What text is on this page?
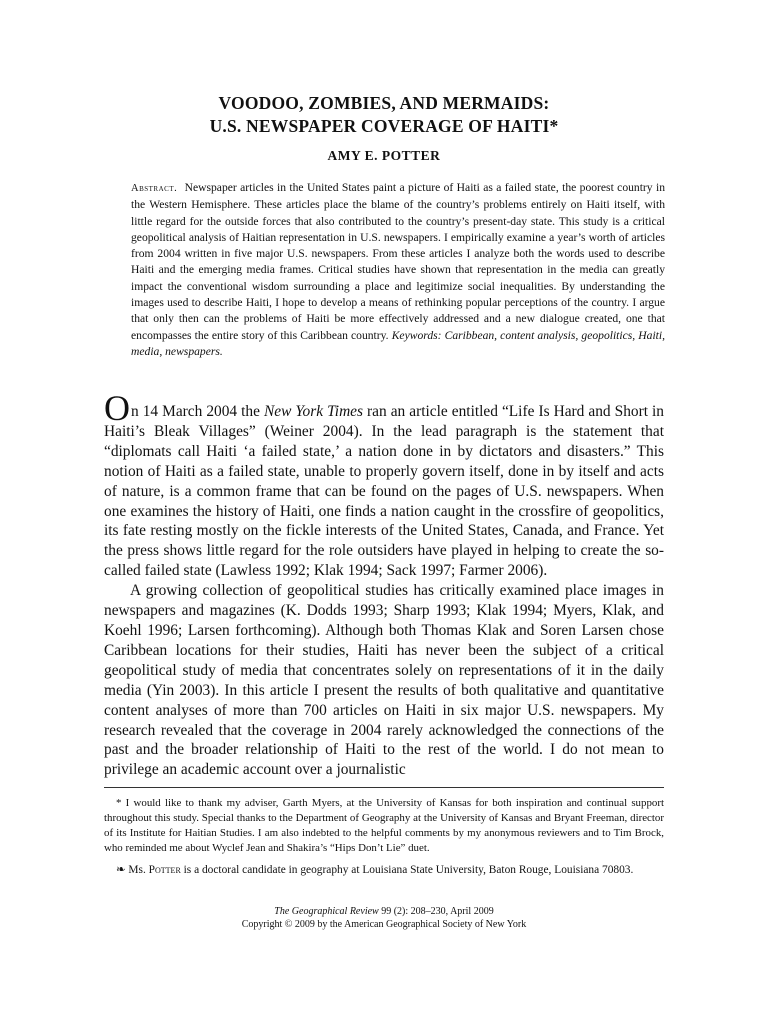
VOODOO, ZOMBIES, AND MERMAIDS:
U.S. NEWSPAPER COVERAGE OF HAITI*

AMY E. POTTER

Abstract. Newspaper articles in the United States paint a picture of Haiti as a failed state, the poorest country in the Western Hemisphere. These articles place the blame of the country’s problems entirely on Haiti itself, with little regard for the outside forces that also contributed to the country’s present-day state. This study is a critical geopolitical analysis of Haitian representation in U.S. newspapers. I empirically examine a year’s worth of articles from 2004 written in five major U.S. newspapers. From these articles I analyze both the words used to describe Haiti and the emerging media frames. Critical studies have shown that representation in the media can greatly impact the conventional wisdom surrounding a place and legitimize social inequalities. By understanding the images used to describe Haiti, I hope to develop a means of rethinking popular perceptions of the country. I argue that only then can the problems of Haiti be more effectively addressed and a new dialogue created, one that encompasses the entire story of this Caribbean country. Keywords: Caribbean, content analysis, geopolitics, Haiti, media, newspapers.

On 14 March 2004 the New York Times ran an article entitled “Life Is Hard and Short in Haiti’s Bleak Villages” (Weiner 2004). In the lead paragraph is the statement that “diplomats call Haiti ‘a failed state,’ a nation done in by dictators and disasters.” This notion of Haiti as a failed state, unable to properly govern itself, done in by itself and acts of nature, is a common frame that can be found on the pages of U.S. newspapers. When one examines the history of Haiti, one finds a nation caught in the crossfire of geopolitics, its fate resting mostly on the fickle interests of the United States, Canada, and France. Yet the press shows little regard for the role outsiders have played in helping to create the so-called failed state (Lawless 1992; Klak 1994; Sack 1997; Farmer 2006).

A growing collection of geopolitical studies has critically examined place images in newspapers and magazines (K. Dodds 1993; Sharp 1993; Klak 1994; Myers, Klak, and Koehl 1996; Larsen forthcoming). Although both Thomas Klak and Soren Larsen chose Caribbean locations for their studies, Haiti has never been the subject of a critical geopolitical study of media that concentrates solely on representations of it in the daily media (Yin 2003). In this article I present the results of both qualitative and quantitative content analyses of more than 700 articles on Haiti in six major U.S. newspapers. My research revealed that the coverage in 2004 rarely acknowledged the connections of the past and the broader relationship of Haiti to the rest of the world. I do not mean to privilege an academic account over a journalistic

* I would like to thank my adviser, Garth Myers, at the University of Kansas for both inspiration and continual support throughout this study. Special thanks to the Department of Geography at the University of Kansas and Bryant Freeman, director of its Institute for Haitian Studies. I am also indebted to the helpful comments by my anonymous reviewers and to Tim Brock, who reminded me about Wyclef Jean and Shakira’s “Hips Don’t Lie” duet.

❧ Ms. Potter is a doctoral candidate in geography at Louisiana State University, Baton Rouge, Louisiana 70803.

The Geographical Review 99 (2): 208–230, April 2009
Copyright © 2009 by the American Geographical Society of New York
